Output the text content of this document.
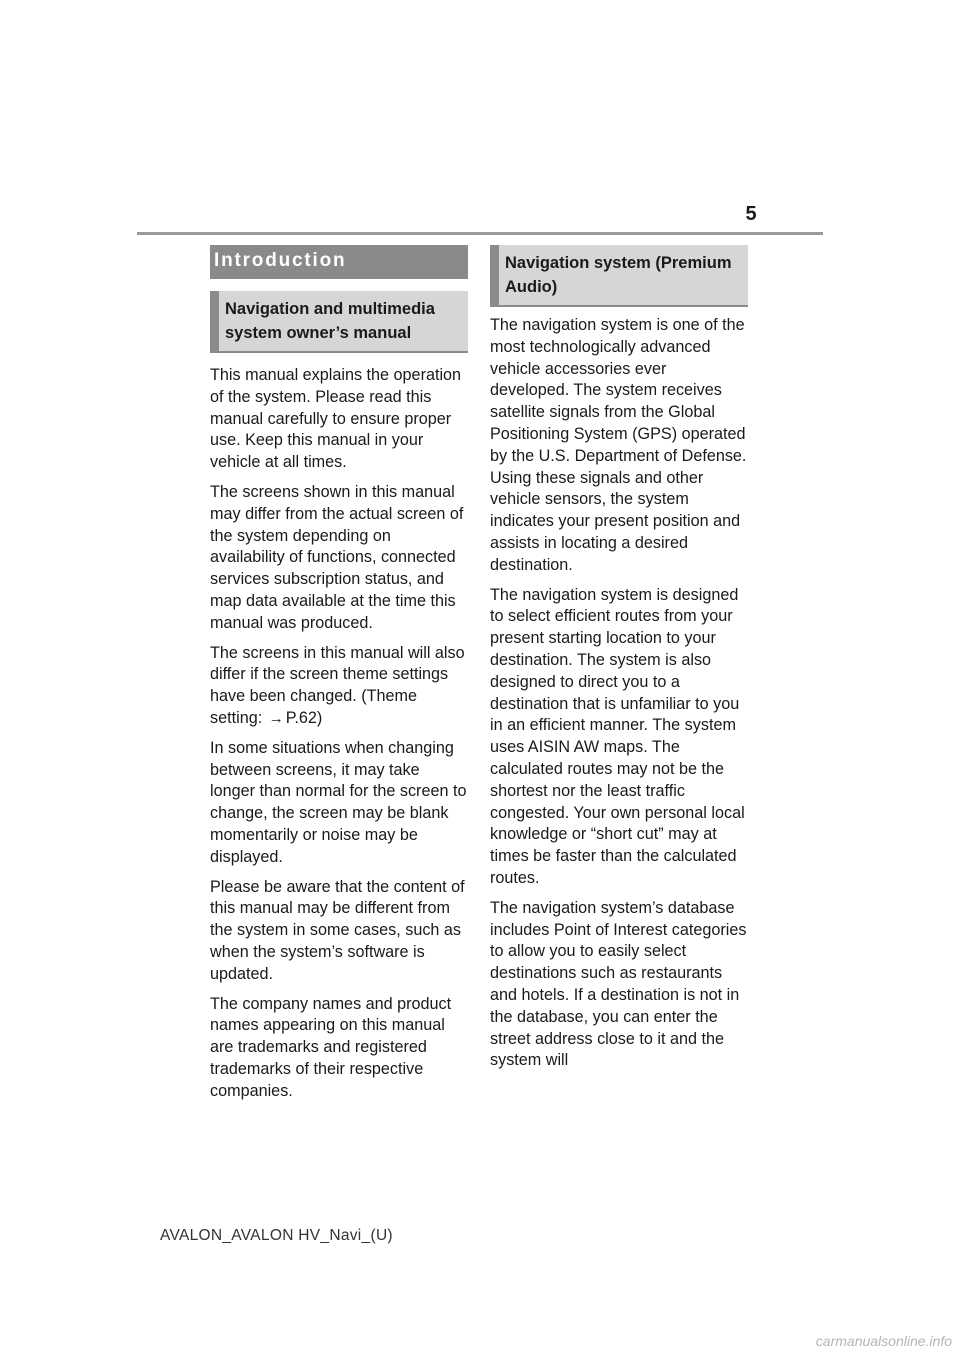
5
Introduction
Navigation and multimedia system owner’s manual

This manual explains the operation of the system. Please read this manual carefully to ensure proper use. Keep this manual in your vehicle at all times.

The screens shown in this manual may differ from the actual screen of the system depending on availability of functions, connected services subscription status, and map data available at the time this manual was produced.

The screens in this manual will also differ if the screen theme settings have been changed. (Theme setting: → P.62)

In some situations when changing between screens, it may take longer than normal for the screen to change, the screen may be blank momentarily or noise may be displayed.

Please be aware that the content of this manual may be different from the system in some cases, such as when the system’s software is updated.

The company names and product names appearing on this manual are trademarks and registered trademarks of their respective companies.

Navigation system (Premium Audio)

The navigation system is one of the most technologically advanced vehicle accessories ever developed. The system receives satellite signals from the Global Positioning System (GPS) operated by the U.S. Department of Defense. Using these signals and other vehicle sensors, the system indicates your present position and assists in locating a desired destination.

The navigation system is designed to select efficient routes from your present starting location to your destination. The system is also designed to direct you to a destination that is unfamiliar to you in an efficient manner. The system uses AISIN AW maps. The calculated routes may not be the shortest nor the least traffic congested. Your own personal local knowledge or “short cut” may at times be faster than the calculated routes.

The navigation system’s database includes Point of Interest categories to allow you to easily select destinations such as restaurants and hotels. If a destination is not in the database, you can enter the street address close to it and the system will

AVALON_AVALON HV_Navi_(U)
carmanualsonline.info
